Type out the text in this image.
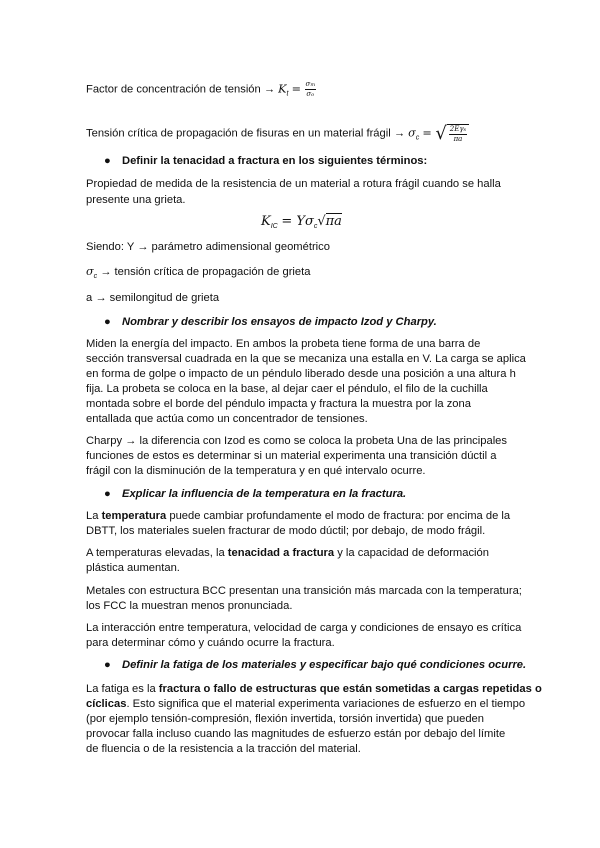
Factor de concentración de tensión → $K_t = \frac{\sigma m}{\sigma o}$
Tensión crítica de propagación de fisuras en un material frágil → $\sigma_c$ = √ $\frac{\text{2Eγs}}{\pi a}$
● Definir la tenacidad a fractura en los siguientes términos:
Propiedad de medida de la resistencia de un material a rotura frágil cuando se halla
presente una grieta.
$K_{IC} = Y\sigma_c√\pi a$
Siendo: Y → parámetro adimensional geométrico
$\sigma_c$ → tensión crítica de propagación de grieta
a → semilongitud de grieta
● Nombrar y describir los ensayos de impacto Izod y Charpy.
Miden la energía del impacto. En ambos la probeta tiene forma de una barra de
sección transversal cuadrada en la que se mecaniza una estalla en V. La carga se aplica
en forma de golpe o impacto de un péndulo liberado desde una posición a una altura h
fija. La probeta se coloca en la base, al dejar caer el péndulo, el filo de la cuchilla
montada sobre el borde del péndulo impacta y fractura la muestra por la zona
entallada que actúa como un concentrador de tensiones.
Charpy → la diferencia con Izod es como se coloca la probeta Una de las principales
funciones de estos es determinar si un material experimenta una transición dúctil a
frágil con la disminución de la temperatura y en qué intervalo ocurre.
● Explicar la influencia de la temperatura en la fractura.
La temperatura puede cambiar profundamente el modo de fractura: por encima de la
DBTT, los materiales suelen fracturar de modo dúctil; por debajo, de modo frágil.
A temperaturas elevadas, la tenacidad a fractura y la capacidad de deformación
plástica aumentan.
Metales con estructura BCC presentan una transición más marcada con la temperatura;
los FCC la muestran menos pronunciada.
La interacción entre temperatura, velocidad de carga y condiciones de ensayo es crítica
para determinar cómo y cuándo ocurre la fractura.
● Definir la fatiga de los materiales y especificar bajo qué condiciones ocurre.
La fatiga es la fractura o fallo de estructuras que están sometidas a cargas repetidas o
cíclicas. Esto significa que el material experimenta variaciones de esfuerzo en el tiempo
(por ejemplo tensión-compresión, flexión invertida, torsión invertida) que pueden
provocar falla incluso cuando las magnitudes de esfuerzo están por debajo del límite
de fluencia o de la resistencia a la tracción del material.
